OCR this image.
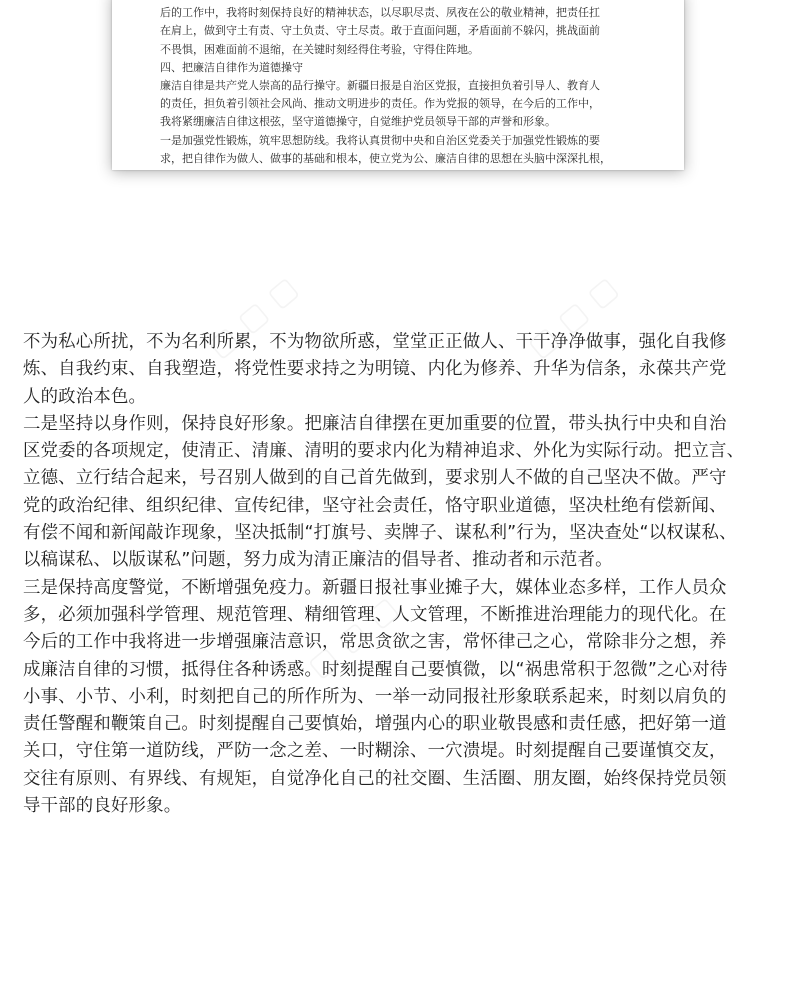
后的工作中，我将时刻保持良好的精神状态，以尽职尽责、夙夜在公的敬业精神，把责任扛
在肩上，做到守土有责、守土负责、守土尽责。敢于直面问题，矛盾面前不躲闪，挑战面前
不畏惧，困难面前不退缩，在关键时刻经得住考验，守得住阵地。
四、把廉洁自律作为道德操守
廉洁自律是共产党人崇高的品行操守。新疆日报是自治区党报，直接担负着引导人、教育人
的责任，担负着引领社会风尚、推动文明进步的责任。作为党报的领导，在今后的工作中，
我将紧绷廉洁自律这根弦，坚守道德操守，自觉维护党员领导干部的声誉和形象。
一是加强党性锻炼，筑牢思想防线。我将认真贯彻中央和自治区党委关于加强党性锻炼的要
求，把自律作为做人、做事的基础和根本，使立党为公、廉洁自律的思想在头脑中深深扎根，
不为私心所扰，不为名利所累，不为物欲所惑，堂堂正正做人、干干净净做事，强化自我修
炼、自我约束、自我塑造，将党性要求持之为明镜、内化为修养、升华为信条，永葆共产党
人的政治本色。
二是坚持以身作则，保持良好形象。把廉洁自律摆在更加重要的位置，带头执行中央和自治
区党委的各项规定，使清正、清廉、清明的要求内化为精神追求、外化为实际行动。把立言、
立德、立行结合起来，号召别人做到的自己首先做到，要求别人不做的自己坚决不做。严守
党的政治纪律、组织纪律、宣传纪律，坚守社会责任，恪守职业道德，坚决杜绝有偿新闻、
有偿不闻和新闻敲诈现象，坚决抵制“打旗号、卖牌子、谋私利”行为，坚决查处“以权谋私、
以稿谋私、以版谋私”问题，努力成为清正廉洁的倡导者、推动者和示范者。
三是保持高度警觉，不断增强免疫力。新疆日报社事业摊子大，媒体业态多样，工作人员众
多，必须加强科学管理、规范管理、精细管理、人文管理，不断推进治理能力的现代化。在
今后的工作中我将进一步增强廉洁意识，常思贪欲之害，常怀律己之心，常除非分之想，养
成廉洁自律的习惯，抵得住各种诱惑。时刻提醒自己要慎微，以“祸患常积于忽微”之心对待
小事、小节、小利，时刻把自己的所作所为、一举一动同报社形象联系起来，时刻以肩负的
责任警醒和鞭策自己。时刻提醒自己要慎始，增强内心的职业敬畏感和责任感，把好第一道
关口，守住第一道防线，严防一念之差、一时糊涂、一穴溃堤。时刻提醒自己要谨慎交友，
交往有原则、有界线、有规矩，自觉净化自己的社交圈、生活圈、朋友圈，始终保持党员领
导干部的良好形象。
